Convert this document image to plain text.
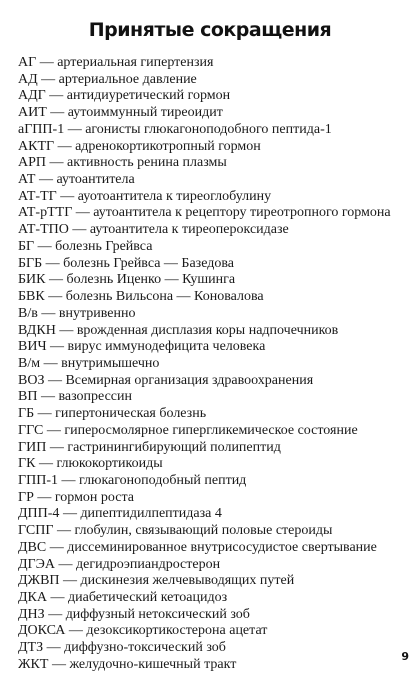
Принятые сокращения
АГ — артериальная гипертензия
АД — артериальное давление
АДГ — антидиуретический гормон
АИТ — аутоиммунный тиреоидит
аГПП-1 — агонисты глюкагоноподобного пептида-1
АКТГ — адренокортикотропный гормон
АРП — активность ренина плазмы
АТ — аутоантитела
АТ-ТГ — ауотоантитела к тиреоглобулину
АТ-рТТГ — аутоантитела к рецептору тиреотропного гормона
АТ-ТПО — аутоантитела к тиреопероксидазе
БГ — болезнь Грейвса
БГБ — болезнь Грейвса — Базедова
БИК — болезнь Иценко — Кушинга
БВК — болезнь Вильсона — Коновалова
В/в — внутривенно
ВДКН — врожденная дисплазия коры надпочечников
ВИЧ — вирус иммунодефицита человека
В/м — внутримышечно
ВОЗ — Всемирная организация здравоохранения
ВП — вазопрессин
ГБ — гипертоническая болезнь
ГГС — гиперосмолярное гипергликемическое состояние
ГИП — гастринингибирующий полипептид
ГК — глюкокортикоиды
ГПП-1 — глюкагоноподобный пептид
ГР — гормон роста
ДПП-4 — дипептидилпептидаза 4
ГСПГ — глобулин, связывающий половые стероиды
ДВС — диссеминированное внутрисосудистое свертывание
ДГЭА — дегидроэпиандростерон
ДЖВП — дискинезия желчевыводящих путей
ДКА — диабетический кетоацидоз
ДНЗ — диффузный нетоксический зоб
ДОКСА — дезоксикортикостерона ацетат
ДТЗ — диффузно-токсический зоб
ЖКТ — желудочно-кишечный тракт
9
